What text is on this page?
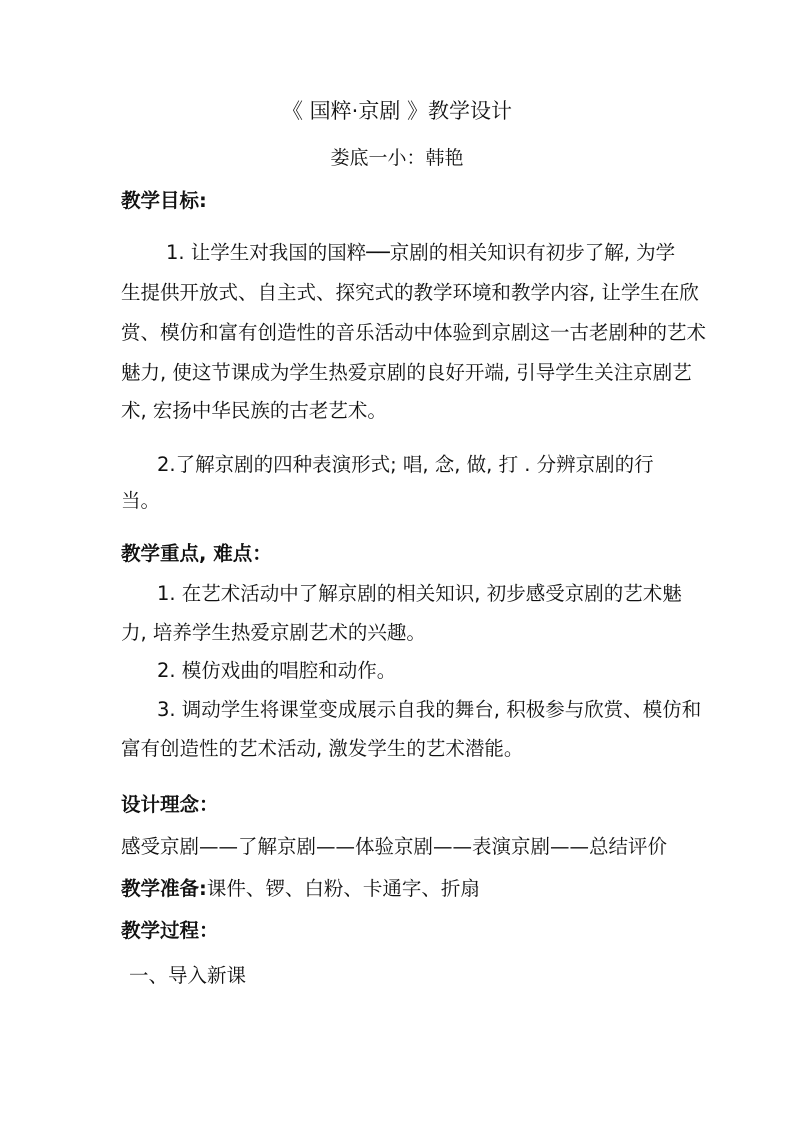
《 国粹·京剧 》教学设计

娄底一小：韩艳

教学目标:

1. 让学生对我国的国粹──京剧的相关知识有初步了解, 为学

生提供开放式、自主式、探究式的教学环境和教学内容, 让学生在欣

赏、模仿和富有创造性的音乐活动中体验到京剧这一古老剧种的艺术

魅力, 使这节课成为学生热爱京剧的良好开端, 引导学生关注京剧艺

术, 宏扬中华民族的古老艺术。

2.了解京剧的四种表演形式; 唱, 念, 做, 打 . 分辨京剧的行

当。

教学重点, 难点：

1. 在艺术活动中了解京剧的相关知识, 初步感受京剧的艺术魅

力, 培养学生热爱京剧艺术的兴趣。

2. 模仿戏曲的唱腔和动作。

3. 调动学生将课堂变成展示自我的舞台, 积极参与欣赏、模仿和

富有创造性的艺术活动, 激发学生的艺术潜能。

设计理念：

感受京剧——了解京剧——体验京剧——表演京剧——总结评价

教学准备:课件、锣、白粉、卡通字、折扇

教学过程：

一、导入新课
